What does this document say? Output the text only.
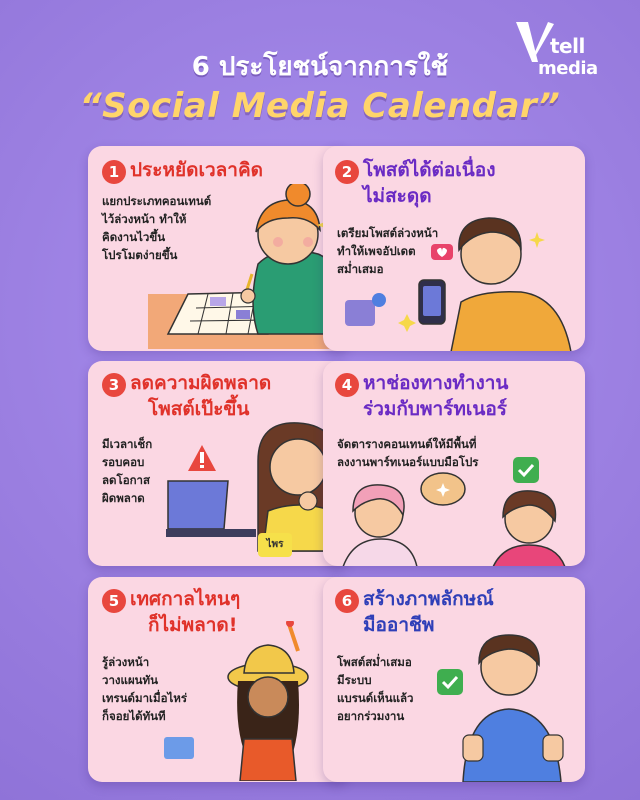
tell
media
6 ประโยชน์จากการใช้
“Social Media Calendar”
1 ประหยัดเวลาคิด
แยกประเภทคอนเทนต์
ไว้ล่วงหน้า ทำให้
คิดงานไวขึ้น
โปรโมตง่ายขึ้น
2 โพสต์ได้ต่อเนื่อง
ไม่สะดุด
เตรียมโพสต์ล่วงหน้า
ทำให้เพจอัปเดต
สม่ำเสมอ
3 ลดความผิดพลาด
โพสต์เป๊ะขึ้น
มีเวลาเช็ก
รอบคอบ
ลดโอกาส
ผิดพลาด
ไพร
4 หาช่องทางทำงาน
ร่วมกับพาร์ทเนอร์
จัดตารางคอนเทนต์ให้มีพื้นที่
ลงงานพาร์ทเนอร์แบบมือโปร
5 เทศกาลไหนๆ
ก็ไม่พลาด!
รู้ล่วงหน้า
วางแผนทัน
เทรนด์มาเมื่อไหร่
ก็จอยได้ทันที
6 สร้างภาพลักษณ์
มืออาชีพ
โพสต์สม่ำเสมอ
มีระบบ
แบรนด์เห็นแล้ว
อยากร่วมงาน
